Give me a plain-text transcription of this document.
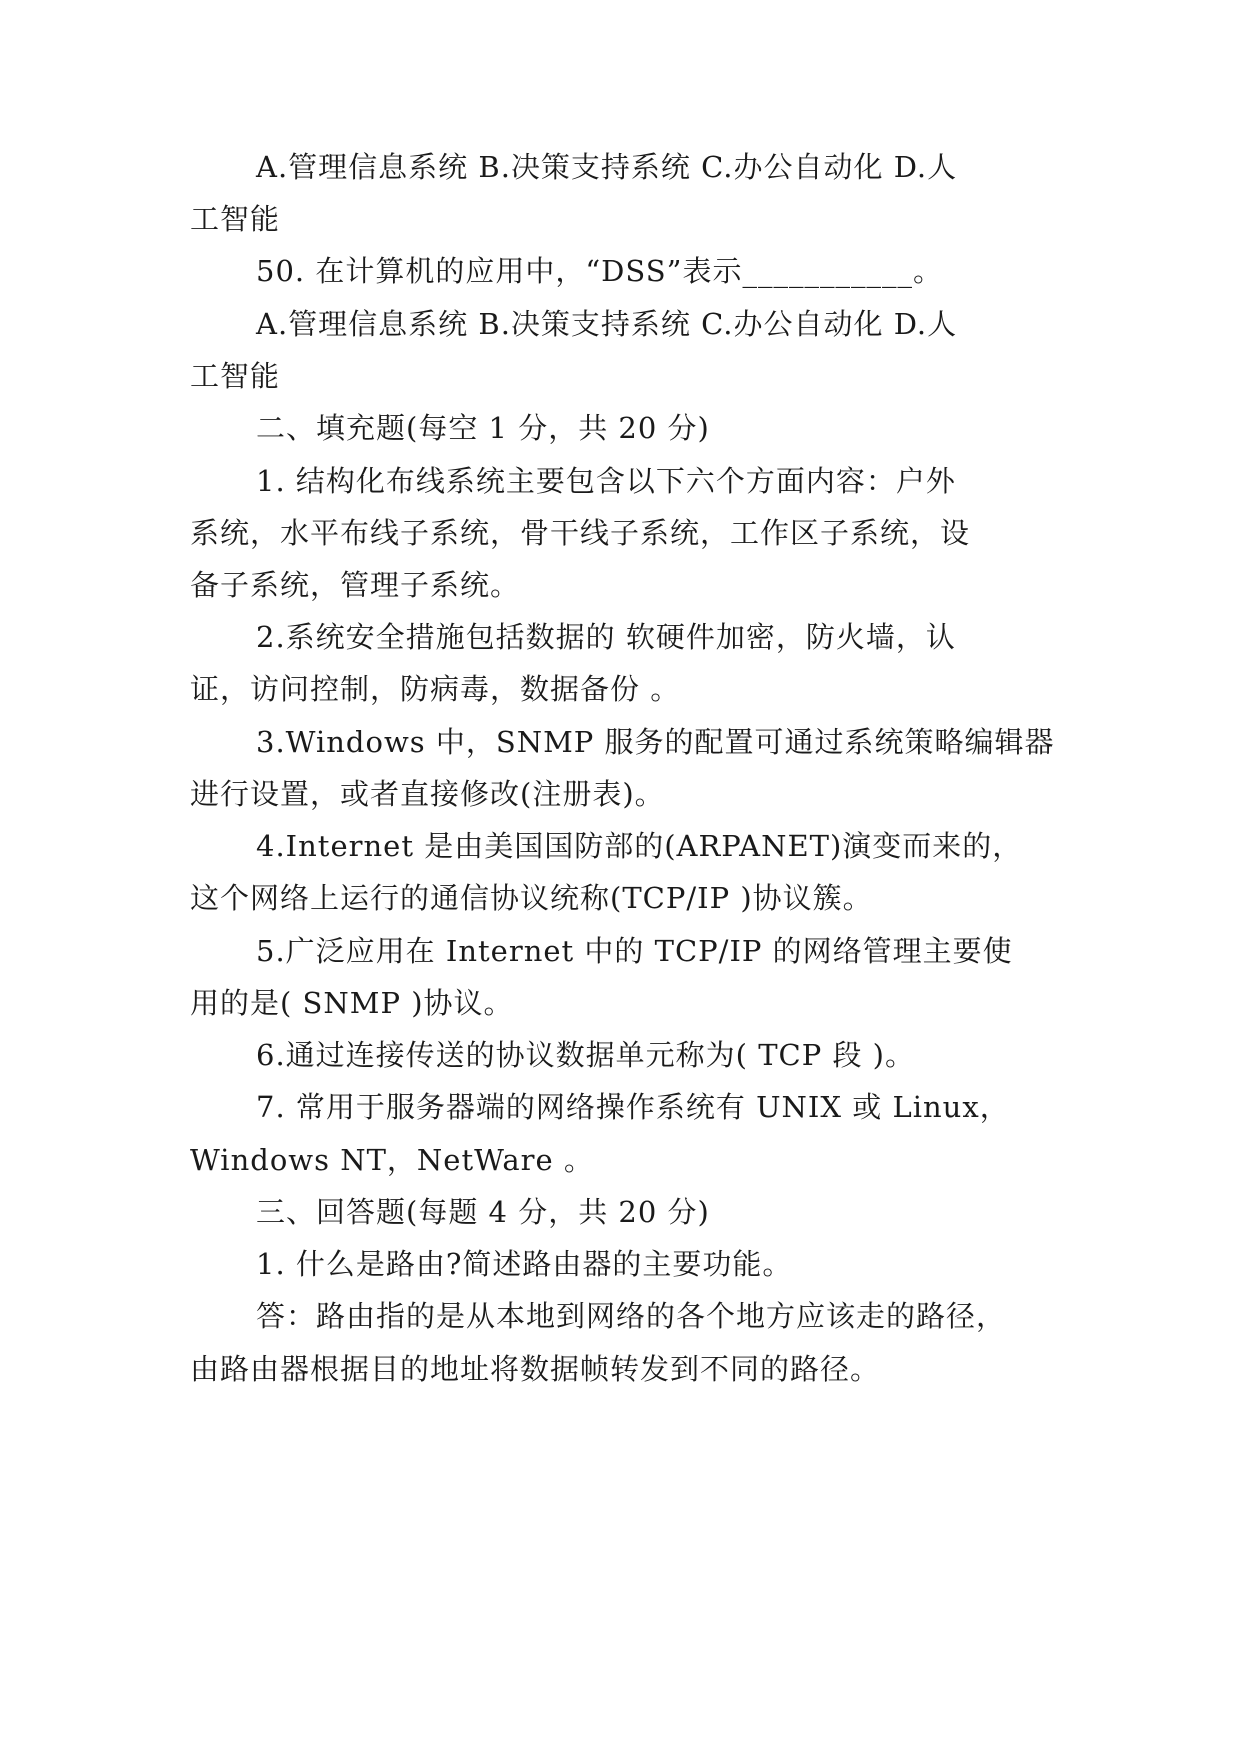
A.管理信息系统 B.决策支持系统 C.办公自动化 D.人
工智能
50. 在计算机的应用中，“DSS”表示___________。
A.管理信息系统 B.决策支持系统 C.办公自动化 D.人
工智能
二、填充题(每空 1 分，共 20 分)
1. 结构化布线系统主要包含以下六个方面内容：户外
系统，水平布线子系统，骨干线子系统，工作区子系统，设
备子系统，管理子系统。
2.系统安全措施包括数据的 软硬件加密，防火墙，认
证，访问控制，防病毒，数据备份 。
3.Windows 中，SNMP 服务的配置可通过系统策略编辑器
进行设置，或者直接修改(注册表)。
4.Internet 是由美国国防部的(ARPANET)演变而来的，
这个网络上运行的通信协议统称(TCP/IP )协议簇。
5.广泛应用在 Internet 中的 TCP/IP 的网络管理主要使
用的是( SNMP )协议。
6.通过连接传送的协议数据单元称为( TCP 段 )。
7. 常用于服务器端的网络操作系统有 UNIX 或 Linux，
Windows NT，NetWare 。
三、回答题(每题 4 分，共 20 分)
1. 什么是路由?简述路由器的主要功能。
答：路由指的是从本地到网络的各个地方应该走的路径，
由路由器根据目的地址将数据帧转发到不同的路径。
